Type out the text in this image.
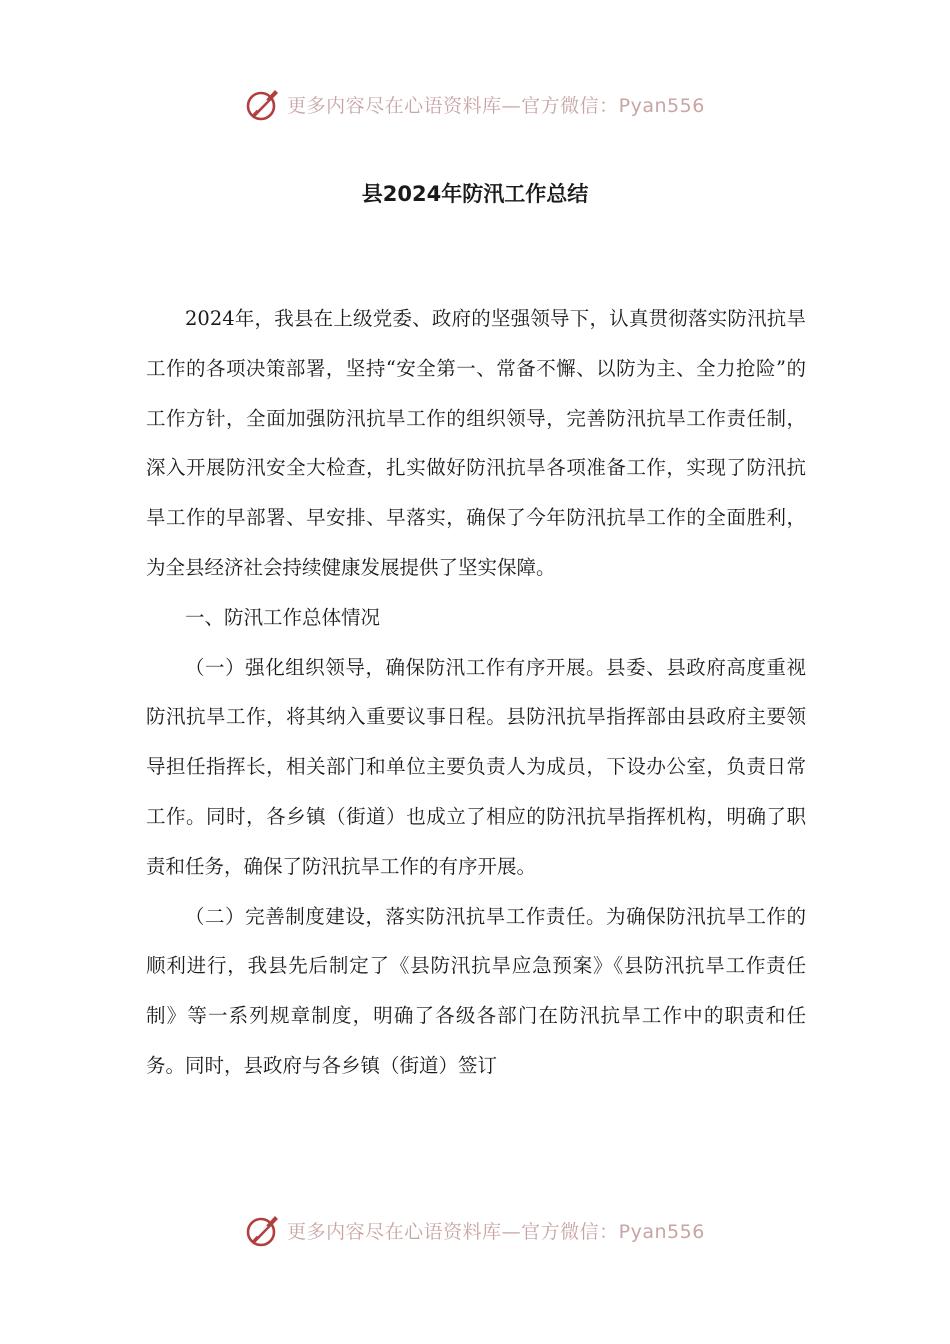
更多内容尽在心语资料库—官方微信：Pyan556
县2024年防汛工作总结

2024年，我县在上级党委、政府的坚强领导下，认真贯彻落实防汛抗旱工作的各项决策部署，坚持“安全第一、常备不懈、以防为主、全力抢险”的工作方针，全面加强防汛抗旱工作的组织领导，完善防汛抗旱工作责任制，深入开展防汛安全大检查，扎实做好防汛抗旱各项准备工作，实现了防汛抗旱工作的早部署、早安排、早落实，确保了今年防汛抗旱工作的全面胜利，为全县经济社会持续健康发展提供了坚实保障。

一、防汛工作总体情况

（一）强化组织领导，确保防汛工作有序开展。县委、县政府高度重视防汛抗旱工作，将其纳入重要议事日程。县防汛抗旱指挥部由县政府主要领导担任指挥长，相关部门和单位主要负责人为成员，下设办公室，负责日常工作。同时，各乡镇（街道）也成立了相应的防汛抗旱指挥机构，明确了职责和任务，确保了防汛抗旱工作的有序开展。

（二）完善制度建设，落实防汛抗旱工作责任。为确保防汛抗旱工作的顺利进行，我县先后制定了《县防汛抗旱应急预案》《县防汛抗旱工作责任制》等一系列规章制度，明确了各级各部门在防汛抗旱工作中的职责和任务。同时，县政府与各乡镇（街道）签订

更多内容尽在心语资料库—官方微信：Pyan556
